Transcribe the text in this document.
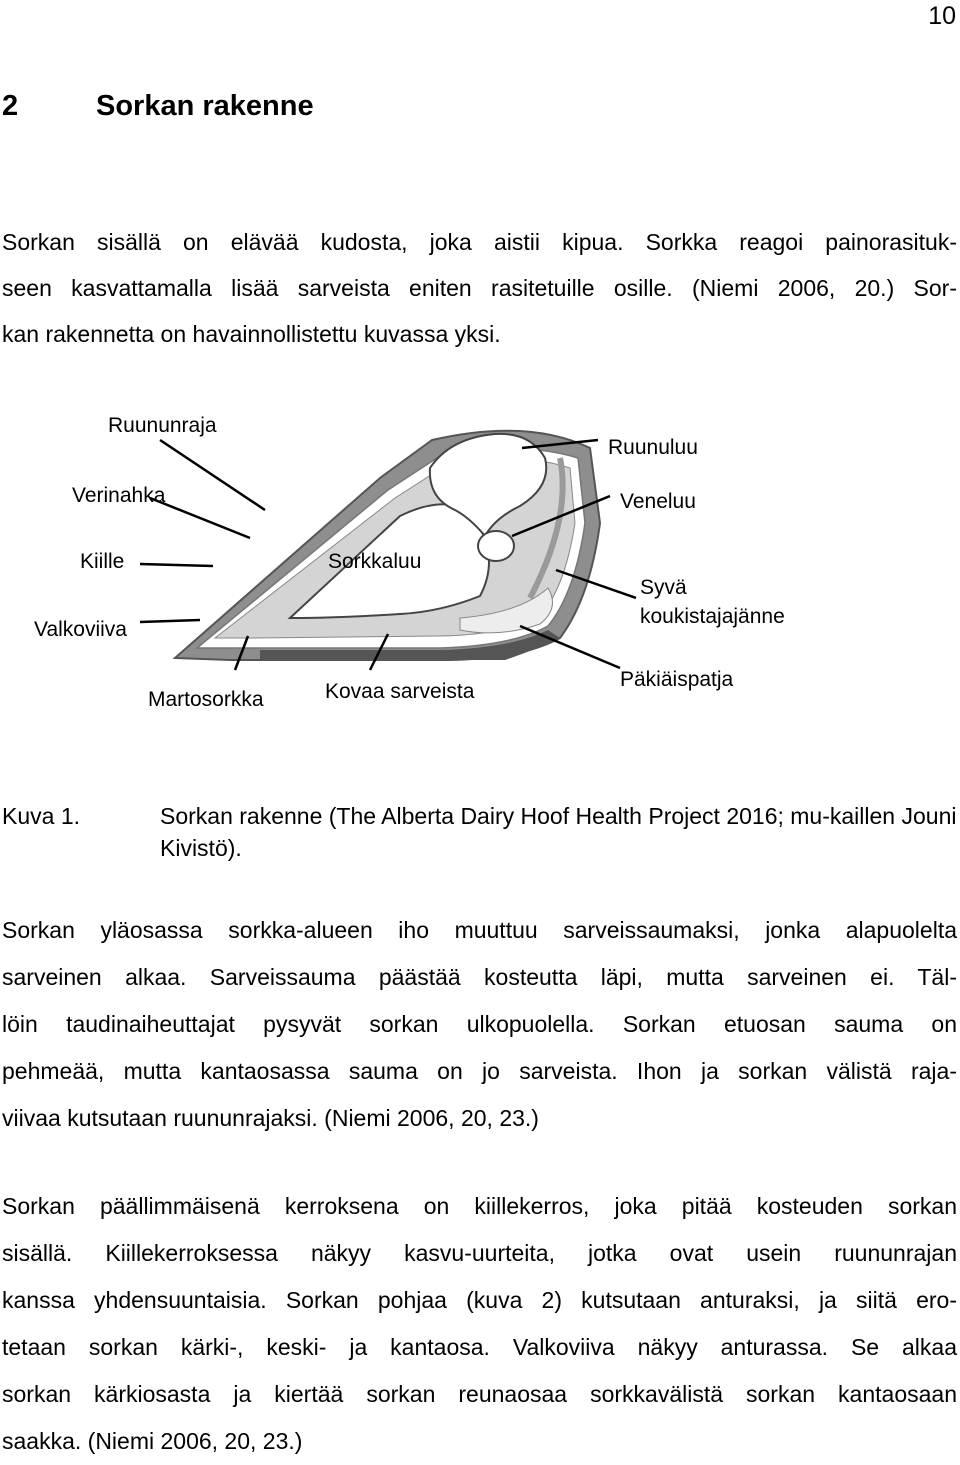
10
2	Sorkan rakenne

Sorkan sisällä on elävää kudosta, joka aistii kipua. Sorkka reagoi painorasituk-
seen kasvattamalla lisää sarveista eniten rasitetuille osille. (Niemi 2006, 20.) Sor-
kan rakennetta on havainnollistettu kuvassa yksi.

Ruununraja
Verinahka
Kiille
Valkoviiva
Martosorkka	Kovaa sarveista
Sorkkaluu
Ruunuluu
Veneluu
Syvä
koukistajajänne
Päkiäispatja
Kuva 1.	Sorkan rakenne (The Alberta Dairy Hoof Health Project 2016; mu-kaillen Jouni Kivistö).

Sorkan yläosassa sorkka-alueen iho muuttuu sarveissaumaksi, jonka alapuolelta
sarveinen alkaa. Sarveissauma päästää kosteutta läpi, mutta sarveinen ei. Täl-
löin taudinaiheuttajat pysyvät sorkan ulkopuolella. Sorkan etuosan sauma on
pehmeää, mutta kantaosassa sauma on jo sarveista. Ihon ja sorkan välistä raja-
viivaa kutsutaan ruununrajaksi. (Niemi 2006, 20, 23.)

Sorkan päällimmäisenä kerroksena on kiillekerros, joka pitää kosteuden sorkan
sisällä. Kiillekerroksessa näkyy kasvu-uurteita, jotka ovat usein ruununrajan
kanssa yhdensuuntaisia. Sorkan pohjaa (kuva 2) kutsutaan anturaksi, ja siitä ero-
tetaan sorkan kärki-, keski- ja kantaosa. Valkoviiva näkyy anturassa. Se alkaa
sorkan kärkiosasta ja kiertää sorkan reunaosaa sorkkavälistä sorkan kantaosaan
saakka. (Niemi 2006, 20, 23.)
